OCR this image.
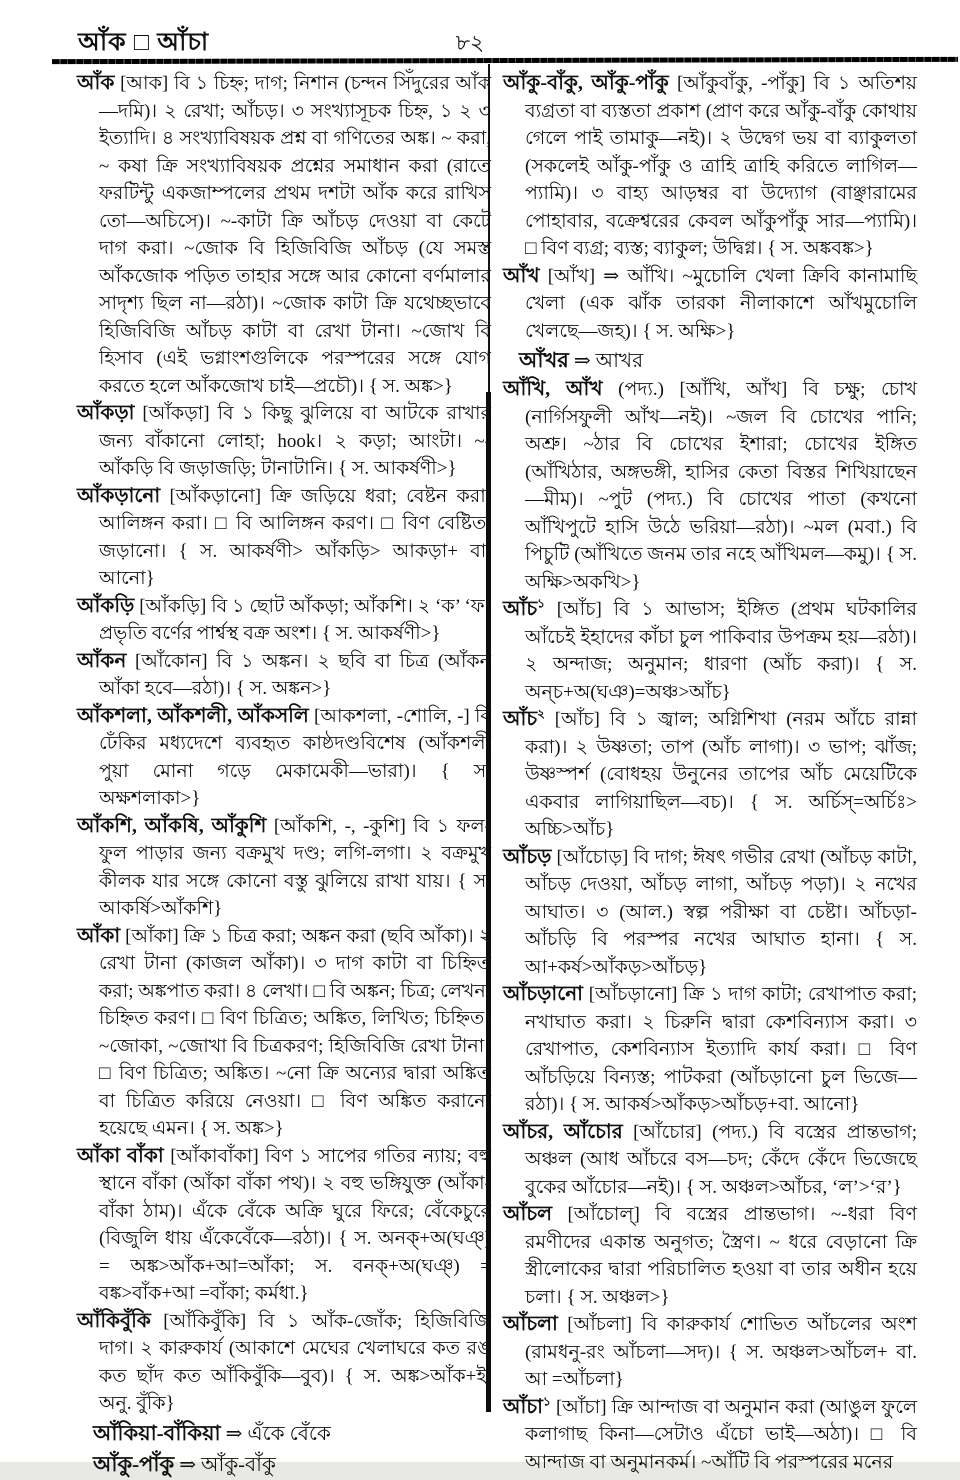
আঁক □ আঁচা	৮২

আঁক [আক] বি ১ চিহ্ন; দাগ; নিশান (চন্দন সিঁদুরের আঁক—দমি)। ২ রেখা; আঁচড়। ৩ সংখ্যাসূচক চিহ্ন, ১ ২ ৩ ইত্যাদি। ৪ সংখ্যাবিষয়ক প্রশ্ন বা গণিতের অঙ্ক। ~ করা, ~ কষা ক্রি সংখ্যাবিষয়ক প্রশ্নের সমাধান করা (রাতে ফরটিন্টু একজাম্পলের প্রথম দশটা আঁক করে রাখিস তো—অচিসে)। ~-কাটা ক্রি আঁচড় দেওয়া বা কেটে দাগ করা। ~জোক বি হিজিবিজি আঁচড় (যে সমস্ত আঁকজোক পড়িত তাহার সঙ্গে আর কোনো বর্ণমালার সাদৃশ্য ছিল না—রঠা)। ~জোক কাটা ক্রি যথেচ্ছভাবে হিজিবিজি আঁচড় কাটা বা রেখা টানা। ~জোখ বি হিসাব (এই ভগ্নাংশগুলিকে পরস্পরের সঙ্গে যোগ করতে হলে আঁকজোখ চাই—প্রচৌ)। { স. অঙ্ক>}

আঁকড়া [আঁকড়া] বি ১ কিছু ঝুলিয়ে বা আটকে রাখার জন্য বাঁকানো লোহা; hook। ২ কড়া; আংটা। ~-আঁকড়ি বি জড়াজড়ি; টানাটানি। { স. আকর্ষণী>}

আঁকড়ানো [আঁকড়ানো] ক্রি জড়িয়ে ধরা; বেষ্টন করা; আলিঙ্গন করা। □ বি আলিঙ্গন করণ। □ বিণ বেষ্টিত, জড়ানো। { স. আকর্ষণী> আঁকড়ি> আকড়া+ বা. আনো}

আঁকড়ি [আঁকড়ি] বি ১ ছোট আঁকড়া; আঁকশি। ২ ‘ক’ ‘ফ’ প্রভৃতি বর্ণের পার্শ্বস্থ বক্র অংশ। { স. আকর্ষণী>}

আঁকন [আঁকোন] বি ১ অঙ্কন। ২ ছবি বা চিত্র (আঁকন আঁকা হবে—রঠা)। { স. অঙ্কন>}

আঁকশলা, আঁকশলী, আঁকসলি [আকশলা, -শোলি, -] বি ঢেঁকির মধ্যদেশে ব্যবহৃত কাষ্ঠদণ্ডবিশেষ (আঁকশলী পুয়া মোনা গড়ে মেকামেকী—ভারা)। { স. অক্ষশলাকা>}

আঁকশি, আঁকষি, আঁকুশি [আঁকশি, -, -কুশি] বি ১ ফল-ফুল পাড়ার জন্য বক্রমুখ দণ্ড; লগি-লগা। ২ বক্রমুখ কীলক যার সঙ্গে কোনো বস্তু ঝুলিয়ে রাখা যায়। { স. আকর্ষি>আঁকশি}

আঁকা [আঁকা] ক্রি ১ চিত্র করা; অঙ্কন করা (ছবি আঁকা)। ২ রেখা টানা (কাজল আঁকা)। ৩ দাগ কাটা বা চিহ্নিত করা; অঙ্কপাত করা। ৪ লেখা। □ বি অঙ্কন; চিত্র; লেখন; চিহ্নিত করণ। □ বিণ চিত্রিত; অঙ্কিত, লিখিত; চিহ্নিত। ~জোকা, ~জোখা বি চিত্রকরণ; হিজিবিজি রেখা টানা। □ বিণ চিত্রিত; অঙ্কিত। ~নো ক্রি অন্যের দ্বারা অঙ্কিত বা চিত্রিত করিয়ে নেওয়া। □ বিণ অঙ্কিত করানো হয়েছে এমন। { স. অঙ্ক>}

আঁকা বাঁকা [আঁকাবাঁকা] বিণ ১ সাপের গতির ন্যায়; বহু স্থানে বাঁকা (আঁকা বাঁকা পথ)। ২ বহু ভঙ্গিযুক্ত (আঁকা-বাঁকা ঠাম)। এঁকে বেঁকে অক্রি ঘুরে ফিরে; বেঁকেচুরে (বিজুলি ধায় এঁকেবেঁকে—রঠা)। { স. অনক্+অ(ঘঞ্) = অঙ্ক>আঁক+আ=আঁকা; স. বনক্+অ(ঘঞ্) = বঙ্ক>বাঁক+আ =বাঁকা; কর্মধা.}

আঁকিবুঁকি [আঁকিবুঁকি] বি ১ আঁক-জোঁক; হিজিবিজি দাগ। ২ কারুকার্য (আকাশে মেঘের খেলাঘরে কত রঙ কত ছাঁদ কত আঁকিবুঁকি—বুব)। { স. অঙ্ক>আঁক+ই, অনু. বুঁকি}

আঁকিয়া-বাঁকিয়া ⇒ এঁকে বেঁকে

আঁকু-পাঁকু ⇒ আঁকু-বাঁকু

আঁকু-বাঁকু, আঁকু-পাঁকু [আঁকুবাঁকু, -পাঁকু] বি ১ অতিশয় ব্যগ্রতা বা ব্যস্ততা প্রকাশ (প্রাণ করে আঁকু-বাঁকু কোথায় গেলে পাই তামাকু—নই)। ২ উদ্বেগ ভয় বা ব্যাকুলতা (সকলেই আঁকু-পাঁকু ও ত্রাহি ত্রাহি করিতে লাগিল—প্যামি)। ৩ বাহ্য আড়ম্বর বা উদ্যোগ (বাঞ্ছারামের পোহাবার, বক্রেশ্বরের কেবল আঁকুপাঁকু সার—প্যামি)। □ বিণ ব্যগ্র; ব্যস্ত; ব্যাকুল; উদ্বিগ্ন। { স. অঙ্কবঙ্ক>}

আঁখ [আঁখ] ⇒ আঁখি। ~মুচোলি খেলা ক্রিবি কানামাছি খেলা (এক ঝাঁক তারকা নীলাকাশে আঁখমুচোলি খেলছে—জহ)। { স. অক্ষি>}

আঁখর ⇒ আখর

আঁখি, আঁখ (পদ্য.) [আঁখি, আঁখ] বি চক্ষু; চোখ (নার্গিসফুলী আঁখ—নই)। ~জল বি চোখের পানি; অশ্রু। ~ঠার বি চোখের ইশারা; চোখের ইঙ্গিত (আঁখিঠার, অঙ্গভঙ্গী, হাসির কেতা বিস্তর শিখিয়াছেন—মীম)। ~পুট (পদ্য.) বি চোখের পাতা (কখনো আঁখিপুটে হাসি উঠে ভরিয়া—রঠা)। ~মল (মবা.) বি পিচুটি (আঁখিতে জনম তার নহে আঁখিমল—কমু)। { স. অক্ষি>অকখি>}

আঁচ$^১$ [আঁচ] বি ১ আভাস; ইঙ্গিত (প্রথম ঘটকালির আঁচেই ইহাদের কাঁচা চুল পাকিবার উপক্রম হয়—রঠা)। ২ অন্দাজ; অনুমান; ধারণা (আঁচ করা)। { স. অন্চ+অ(ঘঞ)=অঞ্চ>আঁচ}

আঁচ$^২$ [আঁচ] বি ১ জ্বাল; অগ্নিশিখা (নরম আঁচে রান্না করা)। ২ উষ্ণতা; তাপ (আঁচ লাগা)। ৩ ভাপ; ঝাঁজ; উষ্ণস্পর্শ (বোধহয় উনুনের তাপের আঁচ মেয়েটিকে একবার লাগিয়াছিল—বচ)। { স. অর্চিস্=অর্চিঃ> অচ্চি>আঁচ}

আঁচড় [আঁচোড়] বি দাগ; ঈষৎ গভীর রেখা (আঁচড় কাটা, আঁচড় দেওয়া, আঁচড় লাগা, আঁচড় পড়া)। ২ নখের আঘাত। ৩ (আল.) স্বল্প পরীক্ষা বা চেষ্টা। আঁচড়া-আঁচড়ি বি পরস্পর নখের আঘাত হানা। { স. আ+কর্ষ>আঁকড়>আঁচড়}

আঁচড়ানো [আঁচড়ানো] ক্রি ১ দাগ কাটা; রেখাপাত করা; নখাঘাত করা। ২ চিরুনি দ্বারা কেশবিন্যাস করা। ৩ রেখাপাত, কেশবিন্যাস ইত্যাদি কার্য করা। □ বিণ আঁচড়িয়ে বিন্যস্ত; পাটকরা (আঁচড়ানো চুল ভিজে—রঠা)। { স. আকর্ষ>আঁকড়>আঁচড়+বা. আনো}

আঁচর, আঁচোর [আঁচোর] (পদ্য.) বি বস্ত্রের প্রান্তভাগ; অঞ্চল (আধ আঁচরে বস—চদ; কেঁদে কেঁদে ভিজেছে বুকের আঁচোর—নই)। { স. অঞ্চল>আঁচর, ‘ল’>‘র’}

আঁচল [আঁচোল্] বি বস্ত্রের প্রান্তভাগ। ~-ধরা বিণ রমণীদের একান্ত অনুগত; স্ত্রৈণ। ~ ধরে বেড়ানো ক্রি স্ত্রীলোকের দ্বারা পরিচালিত হওয়া বা তার অধীন হয়ে চলা। { স. অঞ্চল>}

আঁচলা [আঁচলা] বি কারুকার্য শোভিত আঁচলের অংশ (রামধনু-রং আঁচলা—সদ)। { স. অঞ্চল>আঁচল+ বা. আ =আঁচলা}

আঁচা$^১$ [আঁচা] ক্রি আন্দাজ বা অনুমান করা (আঙুল ফুলে কলাগাছ কিনা—সেটাও এঁচো ভাই—অঠা)। □ বি আন্দাজ বা অনুমানকর্ম। ~আঁটি বি পরস্পরের মনের
